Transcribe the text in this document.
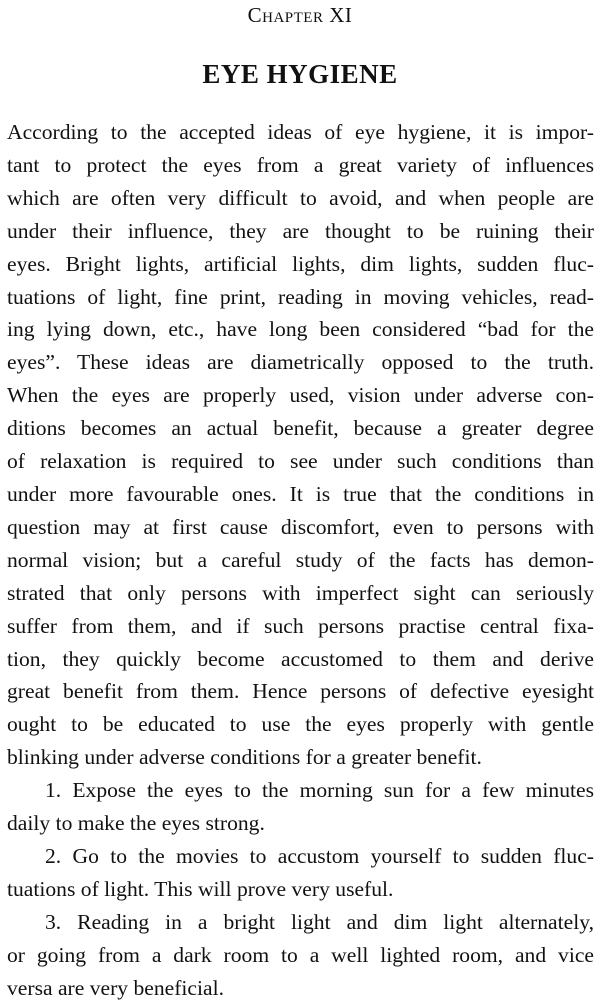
Chapter XI
EYE HYGIENE
According to the accepted ideas of eye hygiene, it is impor-
tant to protect the eyes from a great variety of influences
which are often very difficult to avoid, and when people are
under their influence, they are thought to be ruining their
eyes. Bright lights, artificial lights, dim lights, sudden fluc-
tuations of light, fine print, reading in moving vehicles, read-
ing lying down, etc., have long been considered “bad for the
eyes”. These ideas are diametrically opposed to the truth.
When the eyes are properly used, vision under adverse con-
ditions becomes an actual benefit, because a greater degree
of relaxation is required to see under such conditions than
under more favourable ones. It is true that the conditions in
question may at first cause discomfort, even to persons with
normal vision; but a careful study of the facts has demon-
strated that only persons with imperfect sight can seriously
suffer from them, and if such persons practise central fixa-
tion, they quickly become accustomed to them and derive
great benefit from them. Hence persons of defective eyesight
ought to be educated to use the eyes properly with gentle
blinking under adverse conditions for a greater benefit.
1. Expose the eyes to the morning sun for a few minutes
daily to make the eyes strong.
2. Go to the movies to accustom yourself to sudden fluc-
tuations of light. This will prove very useful.
3. Reading in a bright light and dim light alternately,
or going from a dark room to a well lighted room, and vice
versa are very beneficial.
